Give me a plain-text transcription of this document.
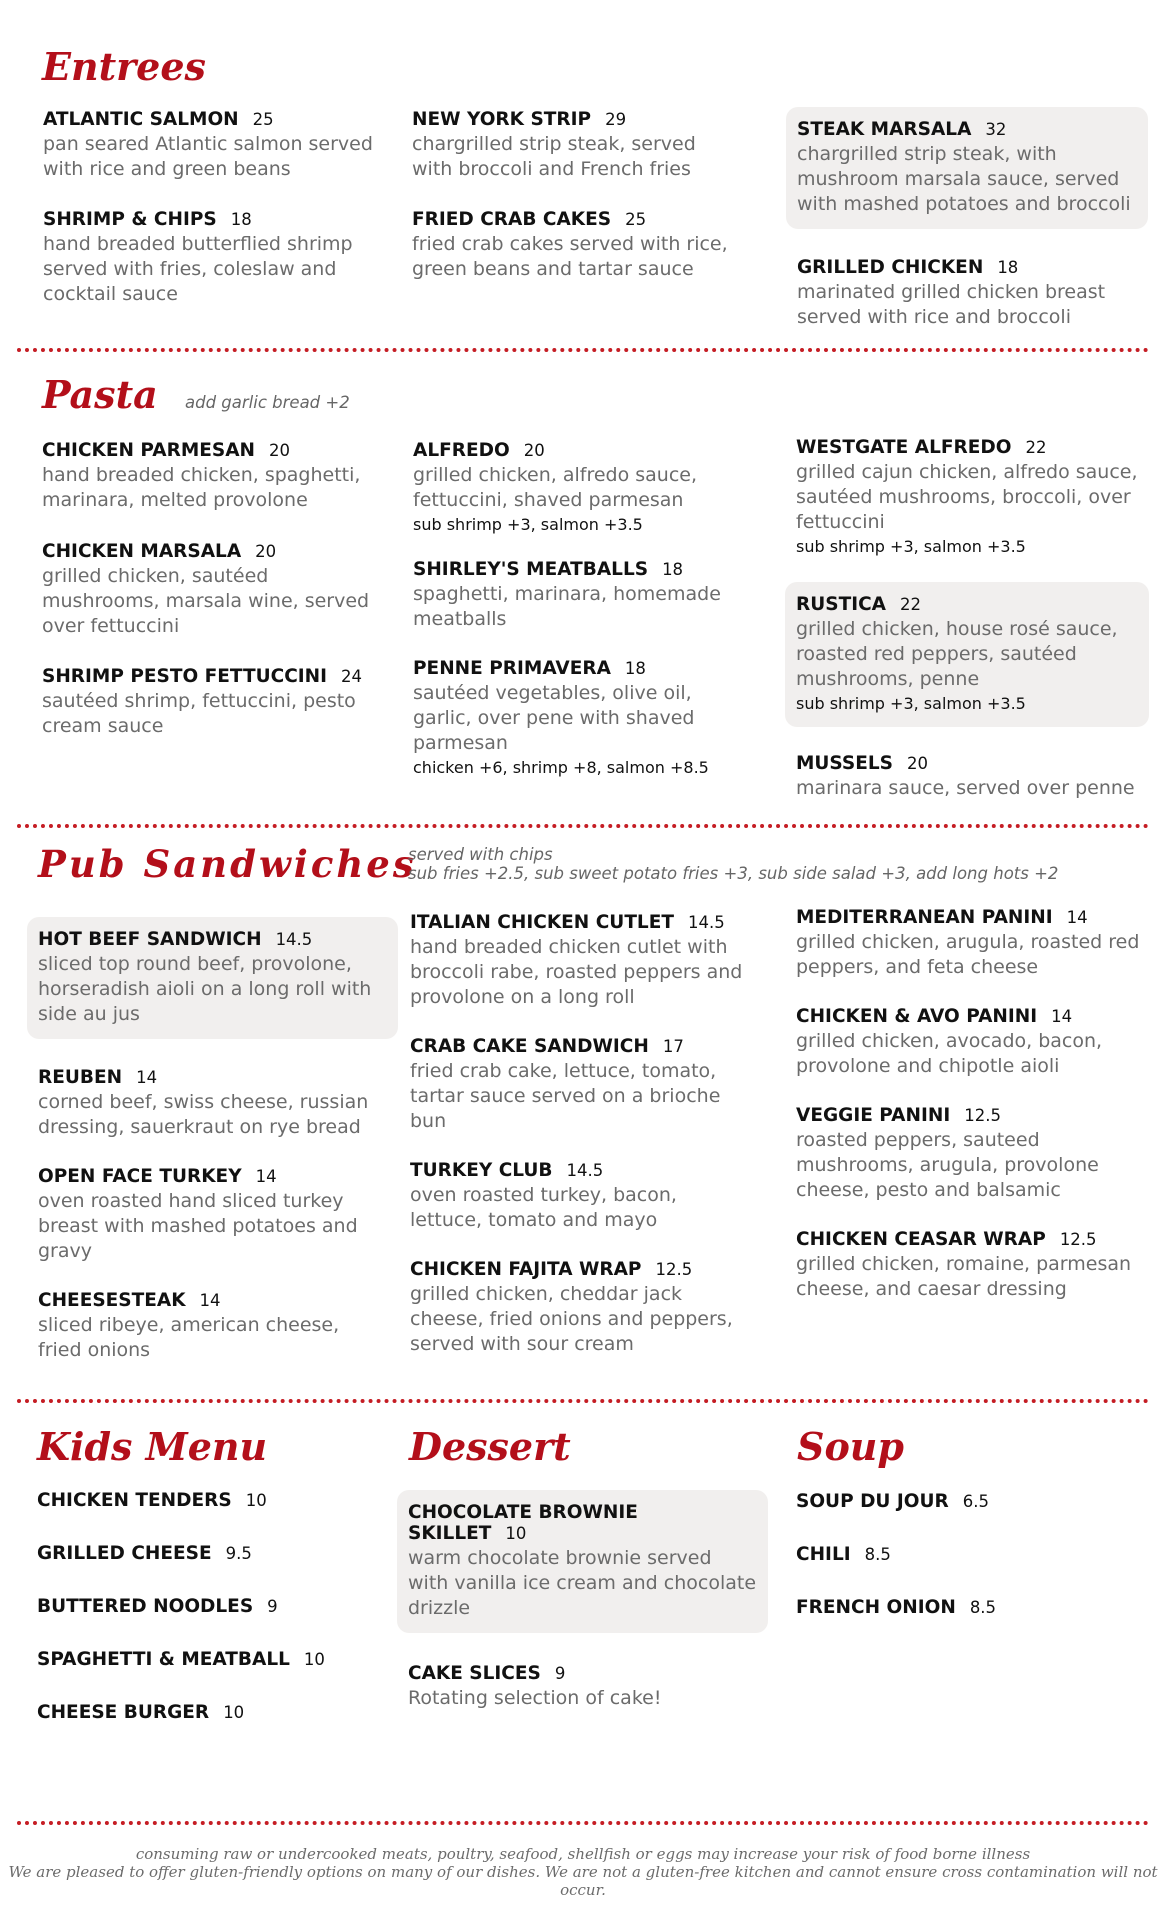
Entrees
ATLANTIC SALMON 25
pan seared Atlantic salmon served with rice and green beans
SHRIMP & CHIPS 18
hand breaded butterflied shrimp served with fries, coleslaw and cocktail sauce
NEW YORK STRIP 29
chargrilled strip steak, served with broccoli and French fries
FRIED CRAB CAKES 25
fried crab cakes served with rice, green beans and tartar sauce
STEAK MARSALA 32
chargrilled strip steak, with mushroom marsala sauce, served with mashed potatoes and broccoli
GRILLED CHICKEN 18
marinated grilled chicken breast served with rice and broccoli
Pasta add garlic bread +2
CHICKEN PARMESAN 20
hand breaded chicken, spaghetti, marinara, melted provolone
CHICKEN MARSALA 20
grilled chicken, sautéed mushrooms, marsala wine, served over fettuccini
SHRIMP PESTO FETTUCCINI 24
sautéed shrimp, fettuccini, pesto cream sauce
ALFREDO 20
grilled chicken, alfredo sauce, fettuccini, shaved parmesan
sub shrimp +3, salmon +3.5
SHIRLEY'S MEATBALLS 18
spaghetti, marinara, homemade meatballs
PENNE PRIMAVERA 18
sautéed vegetables, olive oil, garlic, over pene with shaved parmesan
chicken +6, shrimp +8, salmon +8.5
WESTGATE ALFREDO 22
grilled cajun chicken, alfredo sauce, sautéed mushrooms, broccoli, over fettuccini
sub shrimp +3, salmon +3.5
RUSTICA 22
grilled chicken, house rosé sauce, roasted red peppers, sautéed mushrooms, penne
sub shrimp +3, salmon +3.5
MUSSELS 20
marinara sauce, served over penne
Pub Sandwiches
served with chips
sub fries +2.5, sub sweet potato fries +3, sub side salad +3, add long hots +2
HOT BEEF SANDWICH 14.5
sliced top round beef, provolone, horseradish aioli on a long roll with side au jus
REUBEN 14
corned beef, swiss cheese, russian dressing, sauerkraut on rye bread
OPEN FACE TURKEY 14
oven roasted hand sliced turkey breast with mashed potatoes and gravy
CHEESESTEAK 14
sliced ribeye, american cheese, fried onions
ITALIAN CHICKEN CUTLET 14.5
hand breaded chicken cutlet with broccoli rabe, roasted peppers and provolone on a long roll
CRAB CAKE SANDWICH 17
fried crab cake, lettuce, tomato, tartar sauce served on a brioche bun
TURKEY CLUB 14.5
oven roasted turkey, bacon, lettuce, tomato and mayo
CHICKEN FAJITA WRAP 12.5
grilled chicken, cheddar jack cheese, fried onions and peppers, served with sour cream
MEDITERRANEAN PANINI 14
grilled chicken, arugula, roasted red peppers, and feta cheese
CHICKEN & AVO PANINI 14
grilled chicken, avocado, bacon, provolone and chipotle aioli
VEGGIE PANINI 12.5
roasted peppers, sauteed mushrooms, arugula, provolone cheese, pesto and balsamic
CHICKEN CEASAR WRAP 12.5
grilled chicken, romaine, parmesan cheese, and caesar dressing
Kids Menu
CHICKEN TENDERS 10
GRILLED CHEESE 9.5
BUTTERED NOODLES 9
SPAGHETTI & MEATBALL 10
CHEESE BURGER 10
Dessert
CHOCOLATE BROWNIE SKILLET 10
warm chocolate brownie served with vanilla ice cream and chocolate drizzle
CAKE SLICES 9
Rotating selection of cake!
Soup
SOUP DU JOUR 6.5
CHILI 8.5
FRENCH ONION 8.5
consuming raw or undercooked meats, poultry, seafood, shellfish or eggs may increase your risk of food borne illness
We are pleased to offer gluten-friendly options on many of our dishes. We are not a gluten-free kitchen and cannot ensure cross contamination will not occur.
